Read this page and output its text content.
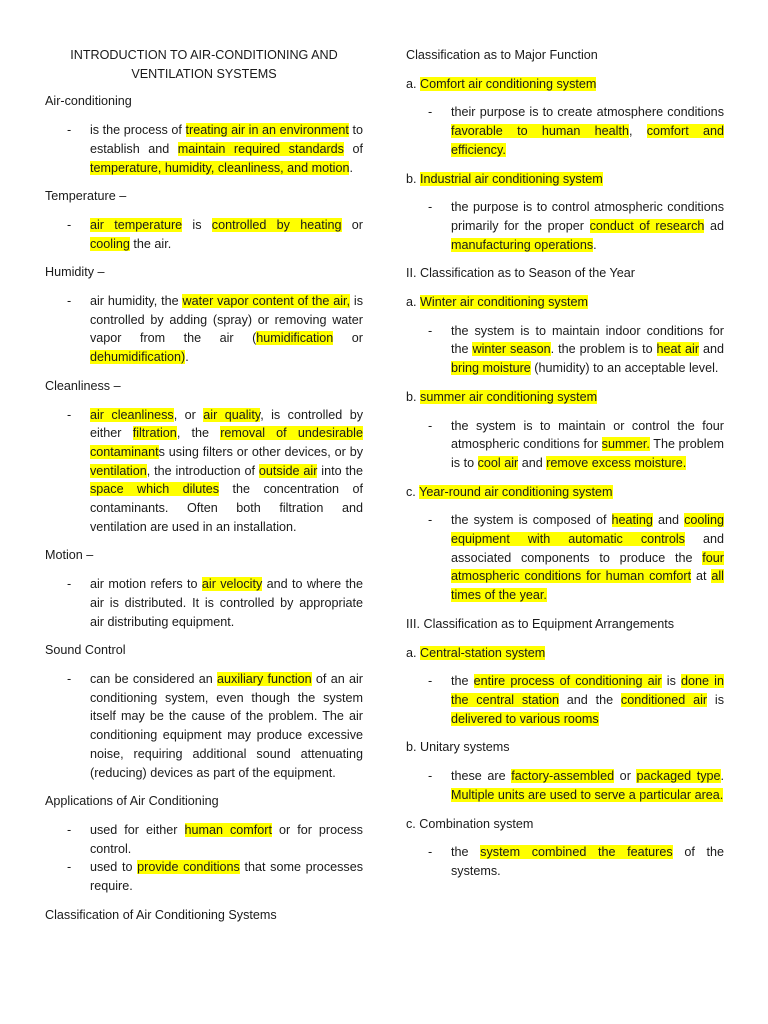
INTRODUCTION TO AIR-CONDITIONING AND VENTILATION SYSTEMS
Air-conditioning
- is the process of treating air in an environment to establish and maintain required standards of temperature, humidity, cleanliness, and motion.
Temperature –
- air temperature is controlled by heating or cooling the air.
Humidity –
- air humidity, the water vapor content of the air, is controlled by adding (spray) or removing water vapor from the air (humidification or dehumidification).
Cleanliness –
- air cleanliness, or air quality, is controlled by either filtration, the removal of undesirable contaminants using filters or other devices, or by ventilation, the introduction of outside air into the space which dilutes the concentration of contaminants. Often both filtration and ventilation are used in an installation.
Motion –
- air motion refers to air velocity and to where the air is distributed. It is controlled by appropriate air distributing equipment.
Sound Control
- can be considered an auxiliary function of an air conditioning system, even though the system itself may be the cause of the problem. The air conditioning equipment may produce excessive noise, requiring additional sound attenuating (reducing) devices as part of the equipment.
Applications of Air Conditioning
- used for either human comfort or for process control.
- used to provide conditions that some processes require.
Classification of Air Conditioning Systems
Classification as to Major Function
a. Comfort air conditioning system
- their purpose is to create atmosphere conditions favorable to human health, comfort and efficiency.
b. Industrial air conditioning system
- the purpose is to control atmospheric conditions primarily for the proper conduct of research ad manufacturing operations.
II. Classification as to Season of the Year
a. Winter air conditioning system
- the system is to maintain indoor conditions for the winter season. the problem is to heat air and bring moisture (humidity) to an acceptable level.
b. summer air conditioning system
- the system is to maintain or control the four atmospheric conditions for summer. The problem is to cool air and remove excess moisture.
c. Year-round air conditioning system
- the system is composed of heating and cooling equipment with automatic controls and associated components to produce the four atmospheric conditions for human comfort at all times of the year.
III. Classification as to Equipment Arrangements
a. Central-station system
- the entire process of conditioning air is done in the central station and the conditioned air is delivered to various rooms
b. Unitary systems
- these are factory-assembled or packaged type. Multiple units are used to serve a particular area.
c. Combination system
- the system combined the features of the systems.
